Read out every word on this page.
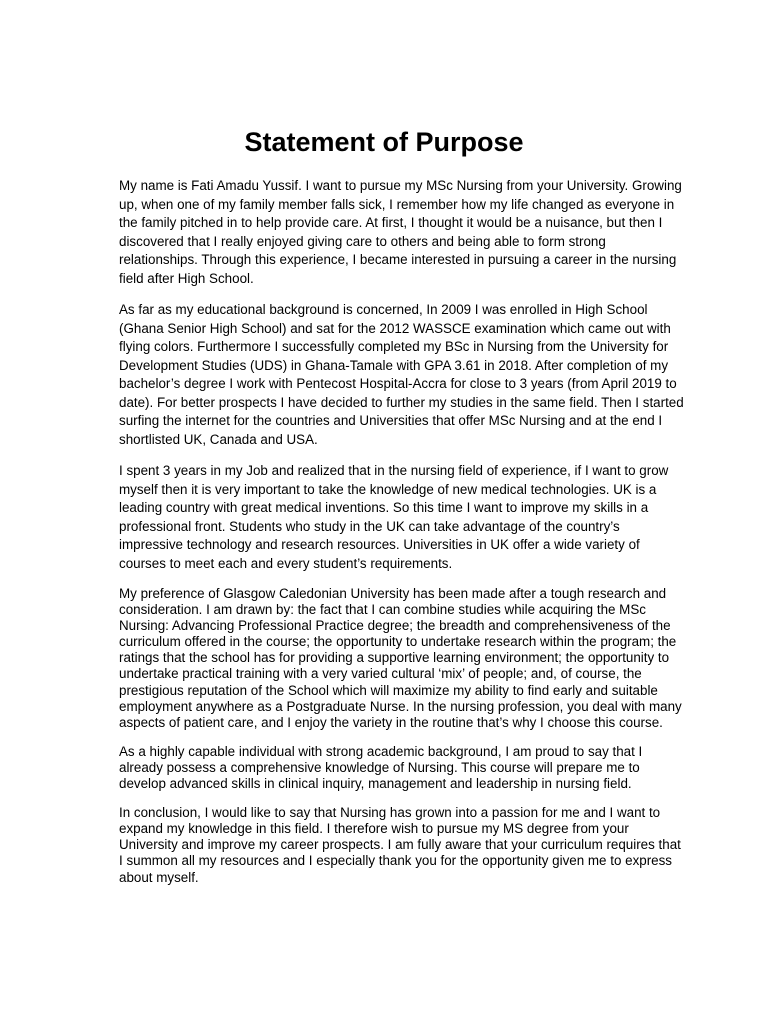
Statement of Purpose

My name is Fati Amadu Yussif. I want to pursue my MSc Nursing from your University. Growing up, when one of my family member falls sick, I remember how my life changed as everyone in the family pitched in to help provide care. At first, I thought it would be a nuisance, but then I discovered that I really enjoyed giving care to others and being able to form strong relationships. Through this experience, I became interested in pursuing a career in the nursing field after High School.

As far as my educational background is concerned, In 2009 I was enrolled in High School (Ghana Senior High School) and sat for the 2012 WASSCE examination which came out with flying colors. Furthermore I successfully completed my BSc in Nursing from the University for Development Studies (UDS) in Ghana-Tamale with GPA 3.61 in 2018. After completion of my bachelor’s degree I work with Pentecost Hospital-Accra for close to 3 years (from April 2019 to date). For better prospects I have decided to further my studies in the same field. Then I started surfing the internet for the countries and Universities that offer MSc Nursing and at the end I shortlisted UK, Canada and USA.

I spent 3 years in my Job and realized that in the nursing field of experience, if I want to grow myself then it is very important to take the knowledge of new medical technologies. UK is a leading country with great medical inventions. So this time I want to improve my skills in a professional front. Students who study in the UK can take advantage of the country’s impressive technology and research resources. Universities in UK offer a wide variety of courses to meet each and every student’s requirements.

My preference of Glasgow Caledonian University has been made after a tough research and consideration. I am drawn by: the fact that I can combine studies while acquiring the MSc Nursing: Advancing Professional Practice degree; the breadth and comprehensiveness of the curriculum offered in the course; the opportunity to undertake research within the program; the ratings that the school has for providing a supportive learning environment; the opportunity to undertake practical training with a very varied cultural ‘mix’ of people; and, of course, the prestigious reputation of the School which will maximize my ability to find early and suitable employment anywhere as a Postgraduate Nurse. In the nursing profession, you deal with many aspects of patient care, and I enjoy the variety in the routine that’s why I choose this course.

As a highly capable individual with strong academic background, I am proud to say that I already possess a comprehensive knowledge of Nursing. This course will prepare me to develop advanced skills in clinical inquiry, management and leadership in nursing field.

In conclusion, I would like to say that Nursing has grown into a passion for me and I want to expand my knowledge in this field. I therefore wish to pursue my MS degree from your University and improve my career prospects. I am fully aware that your curriculum requires that I summon all my resources and I especially thank you for the opportunity given me to express about myself.
